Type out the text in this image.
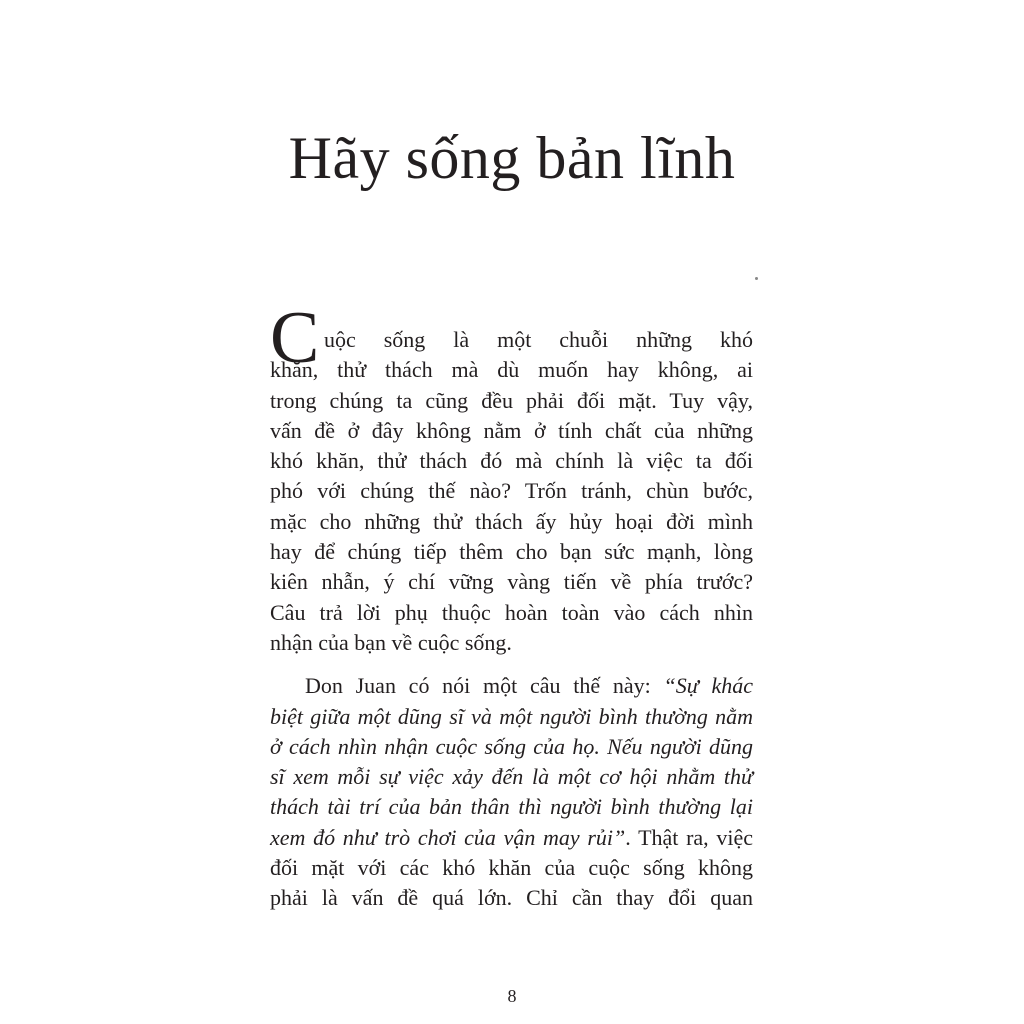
Hãy sống bản lĩnh

C uộc sống là một chuỗi những khó
khăn, thử thách mà dù muốn hay không, ai
trong chúng ta cũng đều phải đối mặt. Tuy vậy,
vấn đề ở đây không nằm ở tính chất của những
khó khăn, thử thách đó mà chính là việc ta đối
phó với chúng thế nào? Trốn tránh, chùn bước,
mặc cho những thử thách ấy hủy hoại đời mình
hay để chúng tiếp thêm cho bạn sức mạnh, lòng
kiên nhẫn, ý chí vững vàng tiến về phía trước?
Câu trả lời phụ thuộc hoàn toàn vào cách nhìn
nhận của bạn về cuộc sống.

Don Juan có nói một câu thế này: “Sự khác
biệt giữa một dũng sĩ và một người bình thường nằm
ở cách nhìn nhận cuộc sống của họ. Nếu người dũng
sĩ xem mỗi sự việc xảy đến là một cơ hội nhằm thử
thách tài trí của bản thân thì người bình thường lại
xem đó như trò chơi của vận may rủi”. Thật ra, việc
đối mặt với các khó khăn của cuộc sống không
phải là vấn đề quá lớn. Chỉ cần thay đổi quan

8
